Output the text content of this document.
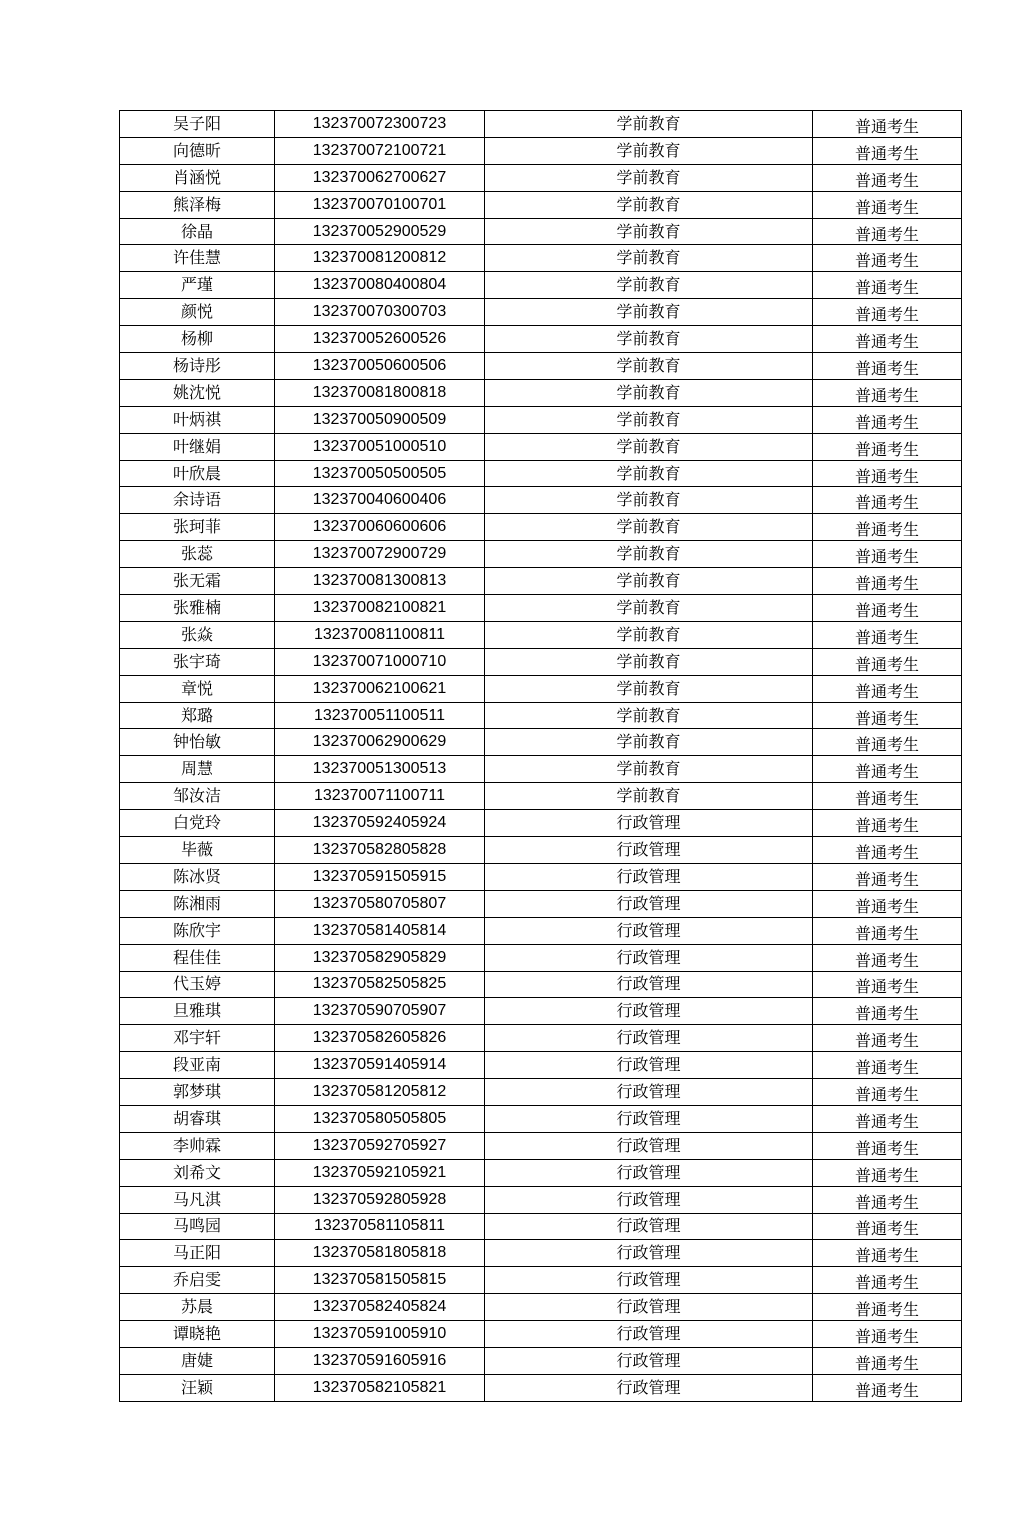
吴子阳	132370072300723	学前教育	普通考生
向德昕	132370072100721	学前教育	普通考生
肖涵悦	132370062700627	学前教育	普通考生
熊泽梅	132370070100701	学前教育	普通考生
徐晶	132370052900529	学前教育	普通考生
许佳慧	132370081200812	学前教育	普通考生
严瑾	132370080400804	学前教育	普通考生
颜悦	132370070300703	学前教育	普通考生
杨柳	132370052600526	学前教育	普通考生
杨诗彤	132370050600506	学前教育	普通考生
姚沈悦	132370081800818	学前教育	普通考生
叶炳祺	132370050900509	学前教育	普通考生
叶继娟	132370051000510	学前教育	普通考生
叶欣晨	132370050500505	学前教育	普通考生
余诗语	132370040600406	学前教育	普通考生
张珂菲	132370060600606	学前教育	普通考生
张蕊	132370072900729	学前教育	普通考生
张无霜	132370081300813	学前教育	普通考生
张雅楠	132370082100821	学前教育	普通考生
张焱	132370081100811	学前教育	普通考生
张宇琦	132370071000710	学前教育	普通考生
章悦	132370062100621	学前教育	普通考生
郑璐	132370051100511	学前教育	普通考生
钟怡敏	132370062900629	学前教育	普通考生
周慧	132370051300513	学前教育	普通考生
邹汝洁	132370071100711	学前教育	普通考生
白党玲	132370592405924	行政管理	普通考生
毕薇	132370582805828	行政管理	普通考生
陈冰贤	132370591505915	行政管理	普通考生
陈湘雨	132370580705807	行政管理	普通考生
陈欣宇	132370581405814	行政管理	普通考生
程佳佳	132370582905829	行政管理	普通考生
代玉婷	132370582505825	行政管理	普通考生
旦雅琪	132370590705907	行政管理	普通考生
邓宇轩	132370582605826	行政管理	普通考生
段亚南	132370591405914	行政管理	普通考生
郭梦琪	132370581205812	行政管理	普通考生
胡睿琪	132370580505805	行政管理	普通考生
李帅霖	132370592705927	行政管理	普通考生
刘希文	132370592105921	行政管理	普通考生
马凡淇	132370592805928	行政管理	普通考生
马鸣园	132370581105811	行政管理	普通考生
马正阳	132370581805818	行政管理	普通考生
乔启雯	132370581505815	行政管理	普通考生
苏晨	132370582405824	行政管理	普通考生
谭晓艳	132370591005910	行政管理	普通考生
唐婕	132370591605916	行政管理	普通考生
汪颖	132370582105821	行政管理	普通考生
